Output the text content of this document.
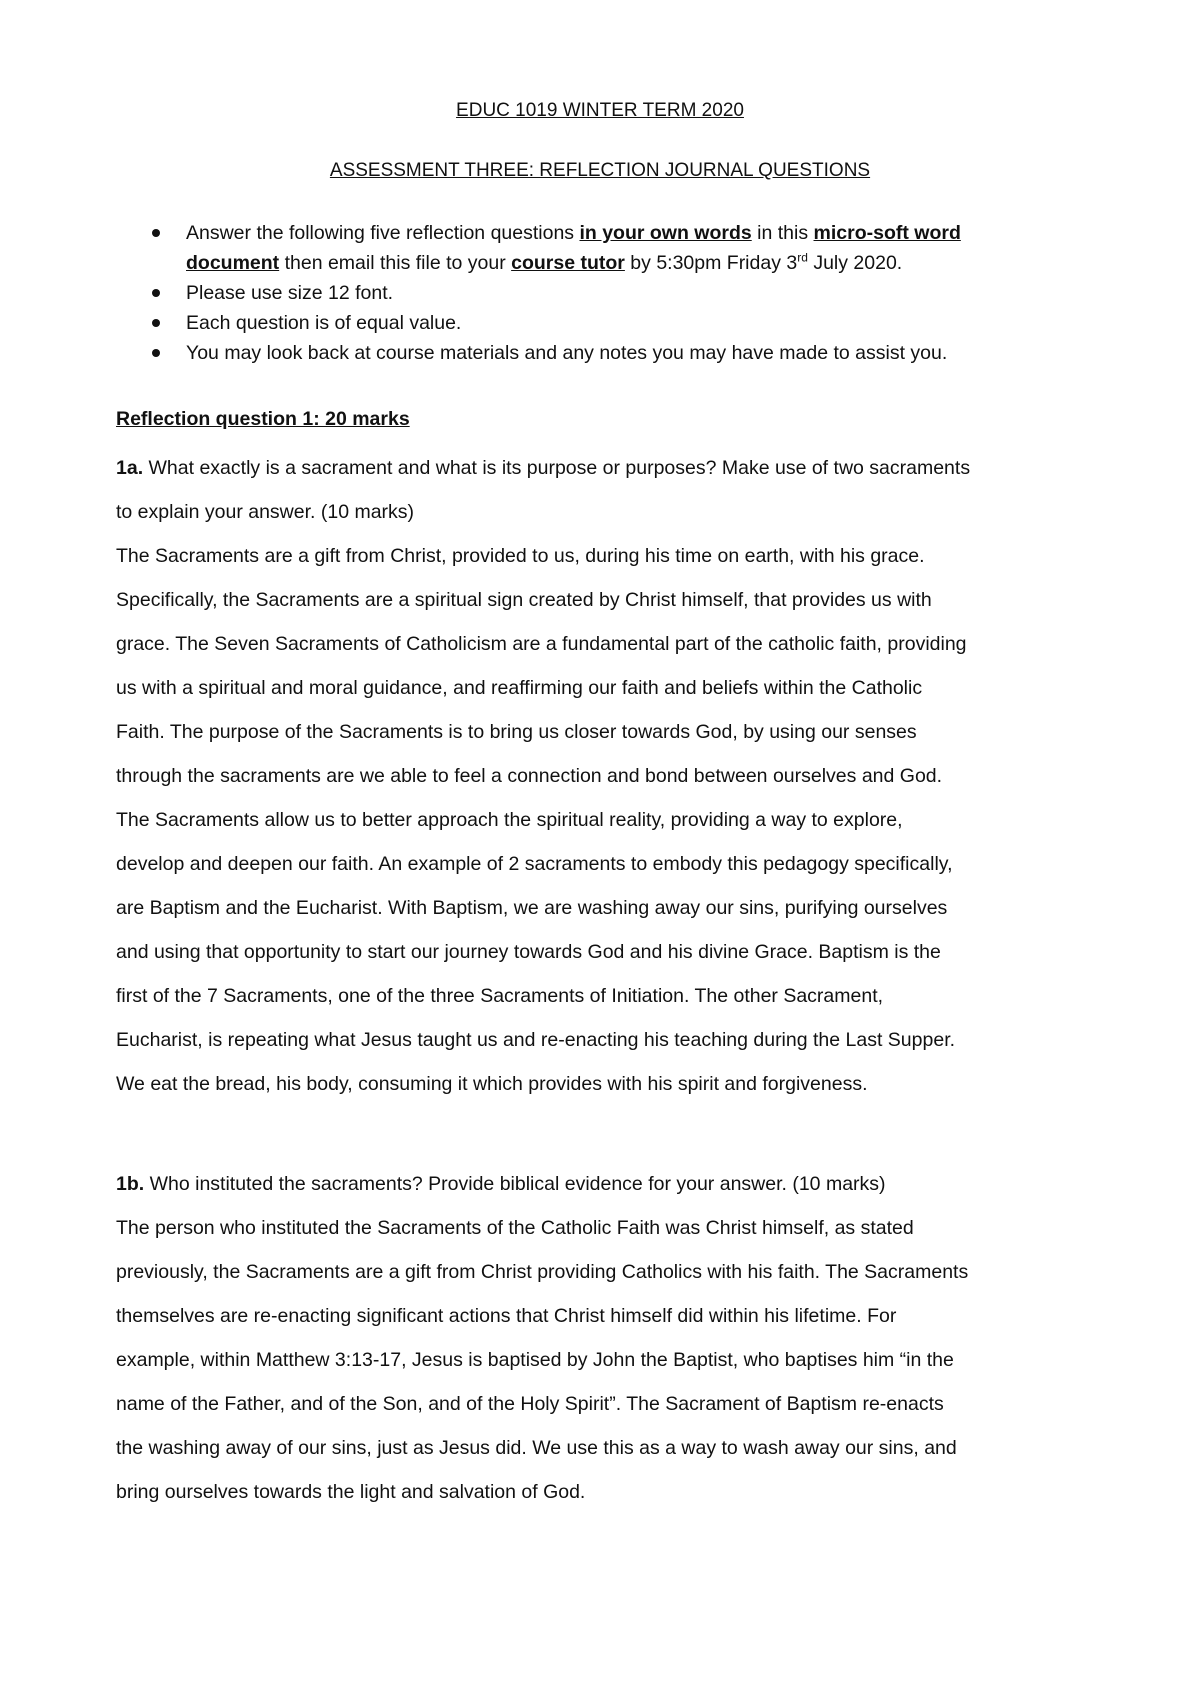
EDUC 1019 WINTER TERM 2020
ASSESSMENT THREE: REFLECTION JOURNAL QUESTIONS
Answer the following five reflection questions in your own words in this micro-soft word
document then email this file to your course tutor by 5:30pm Friday 3rd July 2020.
Please use size 12 font.
Each question is of equal value.
You may look back at course materials and any notes you may have made to assist you.
Reflection question 1: 20 marks
1a. What exactly is a sacrament and what is its purpose or purposes? Make use of two sacraments
to explain your answer. (10 marks)
The Sacraments are a gift from Christ, provided to us, during his time on earth, with his grace.
Specifically, the Sacraments are a spiritual sign created by Christ himself, that provides us with
grace. The Seven Sacraments of Catholicism are a fundamental part of the catholic faith, providing
us with a spiritual and moral guidance, and reaffirming our faith and beliefs within the Catholic
Faith. The purpose of the Sacraments is to bring us closer towards God, by using our senses
through the sacraments are we able to feel a connection and bond between ourselves and God.
The Sacraments allow us to better approach the spiritual reality, providing a way to explore,
develop and deepen our faith. An example of 2 sacraments to embody this pedagogy specifically,
are Baptism and the Eucharist. With Baptism, we are washing away our sins, purifying ourselves
and using that opportunity to start our journey towards God and his divine Grace. Baptism is the
first of the 7 Sacraments, one of the three Sacraments of Initiation. The other Sacrament,
Eucharist, is repeating what Jesus taught us and re-enacting his teaching during the Last Supper.
We eat the bread, his body, consuming it which provides with his spirit and forgiveness.
1b. Who instituted the sacraments? Provide biblical evidence for your answer. (10 marks)
The person who instituted the Sacraments of the Catholic Faith was Christ himself, as stated
previously, the Sacraments are a gift from Christ providing Catholics with his faith. The Sacraments
themselves are re-enacting significant actions that Christ himself did within his lifetime. For
example, within Matthew 3:13-17, Jesus is baptised by John the Baptist, who baptises him “in the
name of the Father, and of the Son, and of the Holy Spirit”. The Sacrament of Baptism re-enacts
the washing away of our sins, just as Jesus did. We use this as a way to wash away our sins, and
bring ourselves towards the light and salvation of God.
